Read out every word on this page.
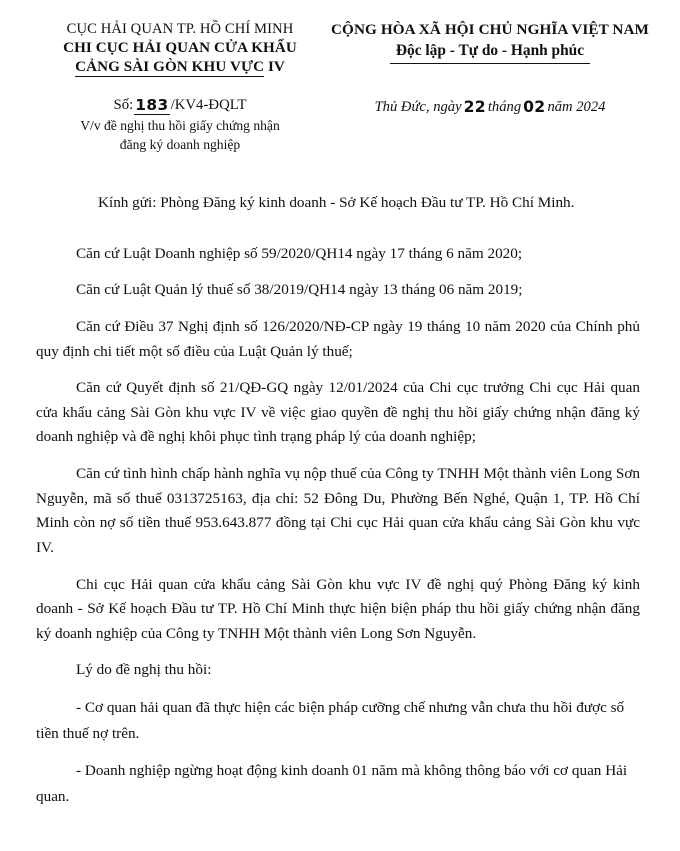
CỤC HẢI QUAN TP. HỒ CHÍ MINH
CHI CỤC HẢI QUAN CỬA KHẨU
CẢNG SÀI GÒN KHU VỰC IV
CỘNG HÒA XÃ HỘI CHỦ NGHĨA VIỆT NAM
Độc lập - Tự do - Hạnh phúc
Số: 183 /KV4-ĐQLT
V/v đề nghị thu hồi giấy chứng nhận
đăng ký doanh nghiệp
Thủ Đức, ngày 22 tháng 02 năm 2024
Kính gửi: Phòng Đăng ký kinh doanh - Sở Kế hoạch Đầu tư TP. Hồ Chí Minh.

Căn cứ Luật Doanh nghiệp số 59/2020/QH14 ngày 17 tháng 6 năm 2020;

Căn cứ Luật Quản lý thuế số 38/2019/QH14 ngày 13 tháng 06 năm 2019;

Căn cứ Điều 37 Nghị định số 126/2020/NĐ-CP ngày 19 tháng 10 năm 2020 của Chính phủ quy định chi tiết một số điều của Luật Quản lý thuế;

Căn cứ Quyết định số 21/QĐ-GQ ngày 12/01/2024 của Chi cục trưởng Chi cục Hải quan cửa khẩu cảng Sài Gòn khu vực IV về việc giao quyền đề nghị thu hồi giấy chứng nhận đăng ký doanh nghiệp và đề nghị khôi phục tình trạng pháp lý của doanh nghiệp;

Căn cứ tình hình chấp hành nghĩa vụ nộp thuế của Công ty TNHH Một thành viên Long Sơn Nguyễn, mã số thuế 0313725163, địa chỉ: 52 Đông Du, Phường Bến Nghé, Quận 1, TP. Hồ Chí Minh còn nợ số tiền thuế 953.643.877 đồng tại Chi cục Hải quan cửa khẩu cảng Sài Gòn khu vực IV.

Chi cục Hải quan cửa khẩu cảng Sài Gòn khu vực IV đề nghị quý Phòng Đăng ký kinh doanh - Sở Kế hoạch Đầu tư TP. Hồ Chí Minh thực hiện biện pháp thu hồi giấy chứng nhận đăng ký doanh nghiệp của Công ty TNHH Một thành viên Long Sơn Nguyễn.

Lý do đề nghị thu hồi:

- Cơ quan hải quan đã thực hiện các biện pháp cưỡng chế nhưng vẫn chưa thu hồi được số tiền thuế nợ trên.

- Doanh nghiệp ngừng hoạt động kinh doanh 01 năm mà không thông báo với cơ quan Hải quan.
